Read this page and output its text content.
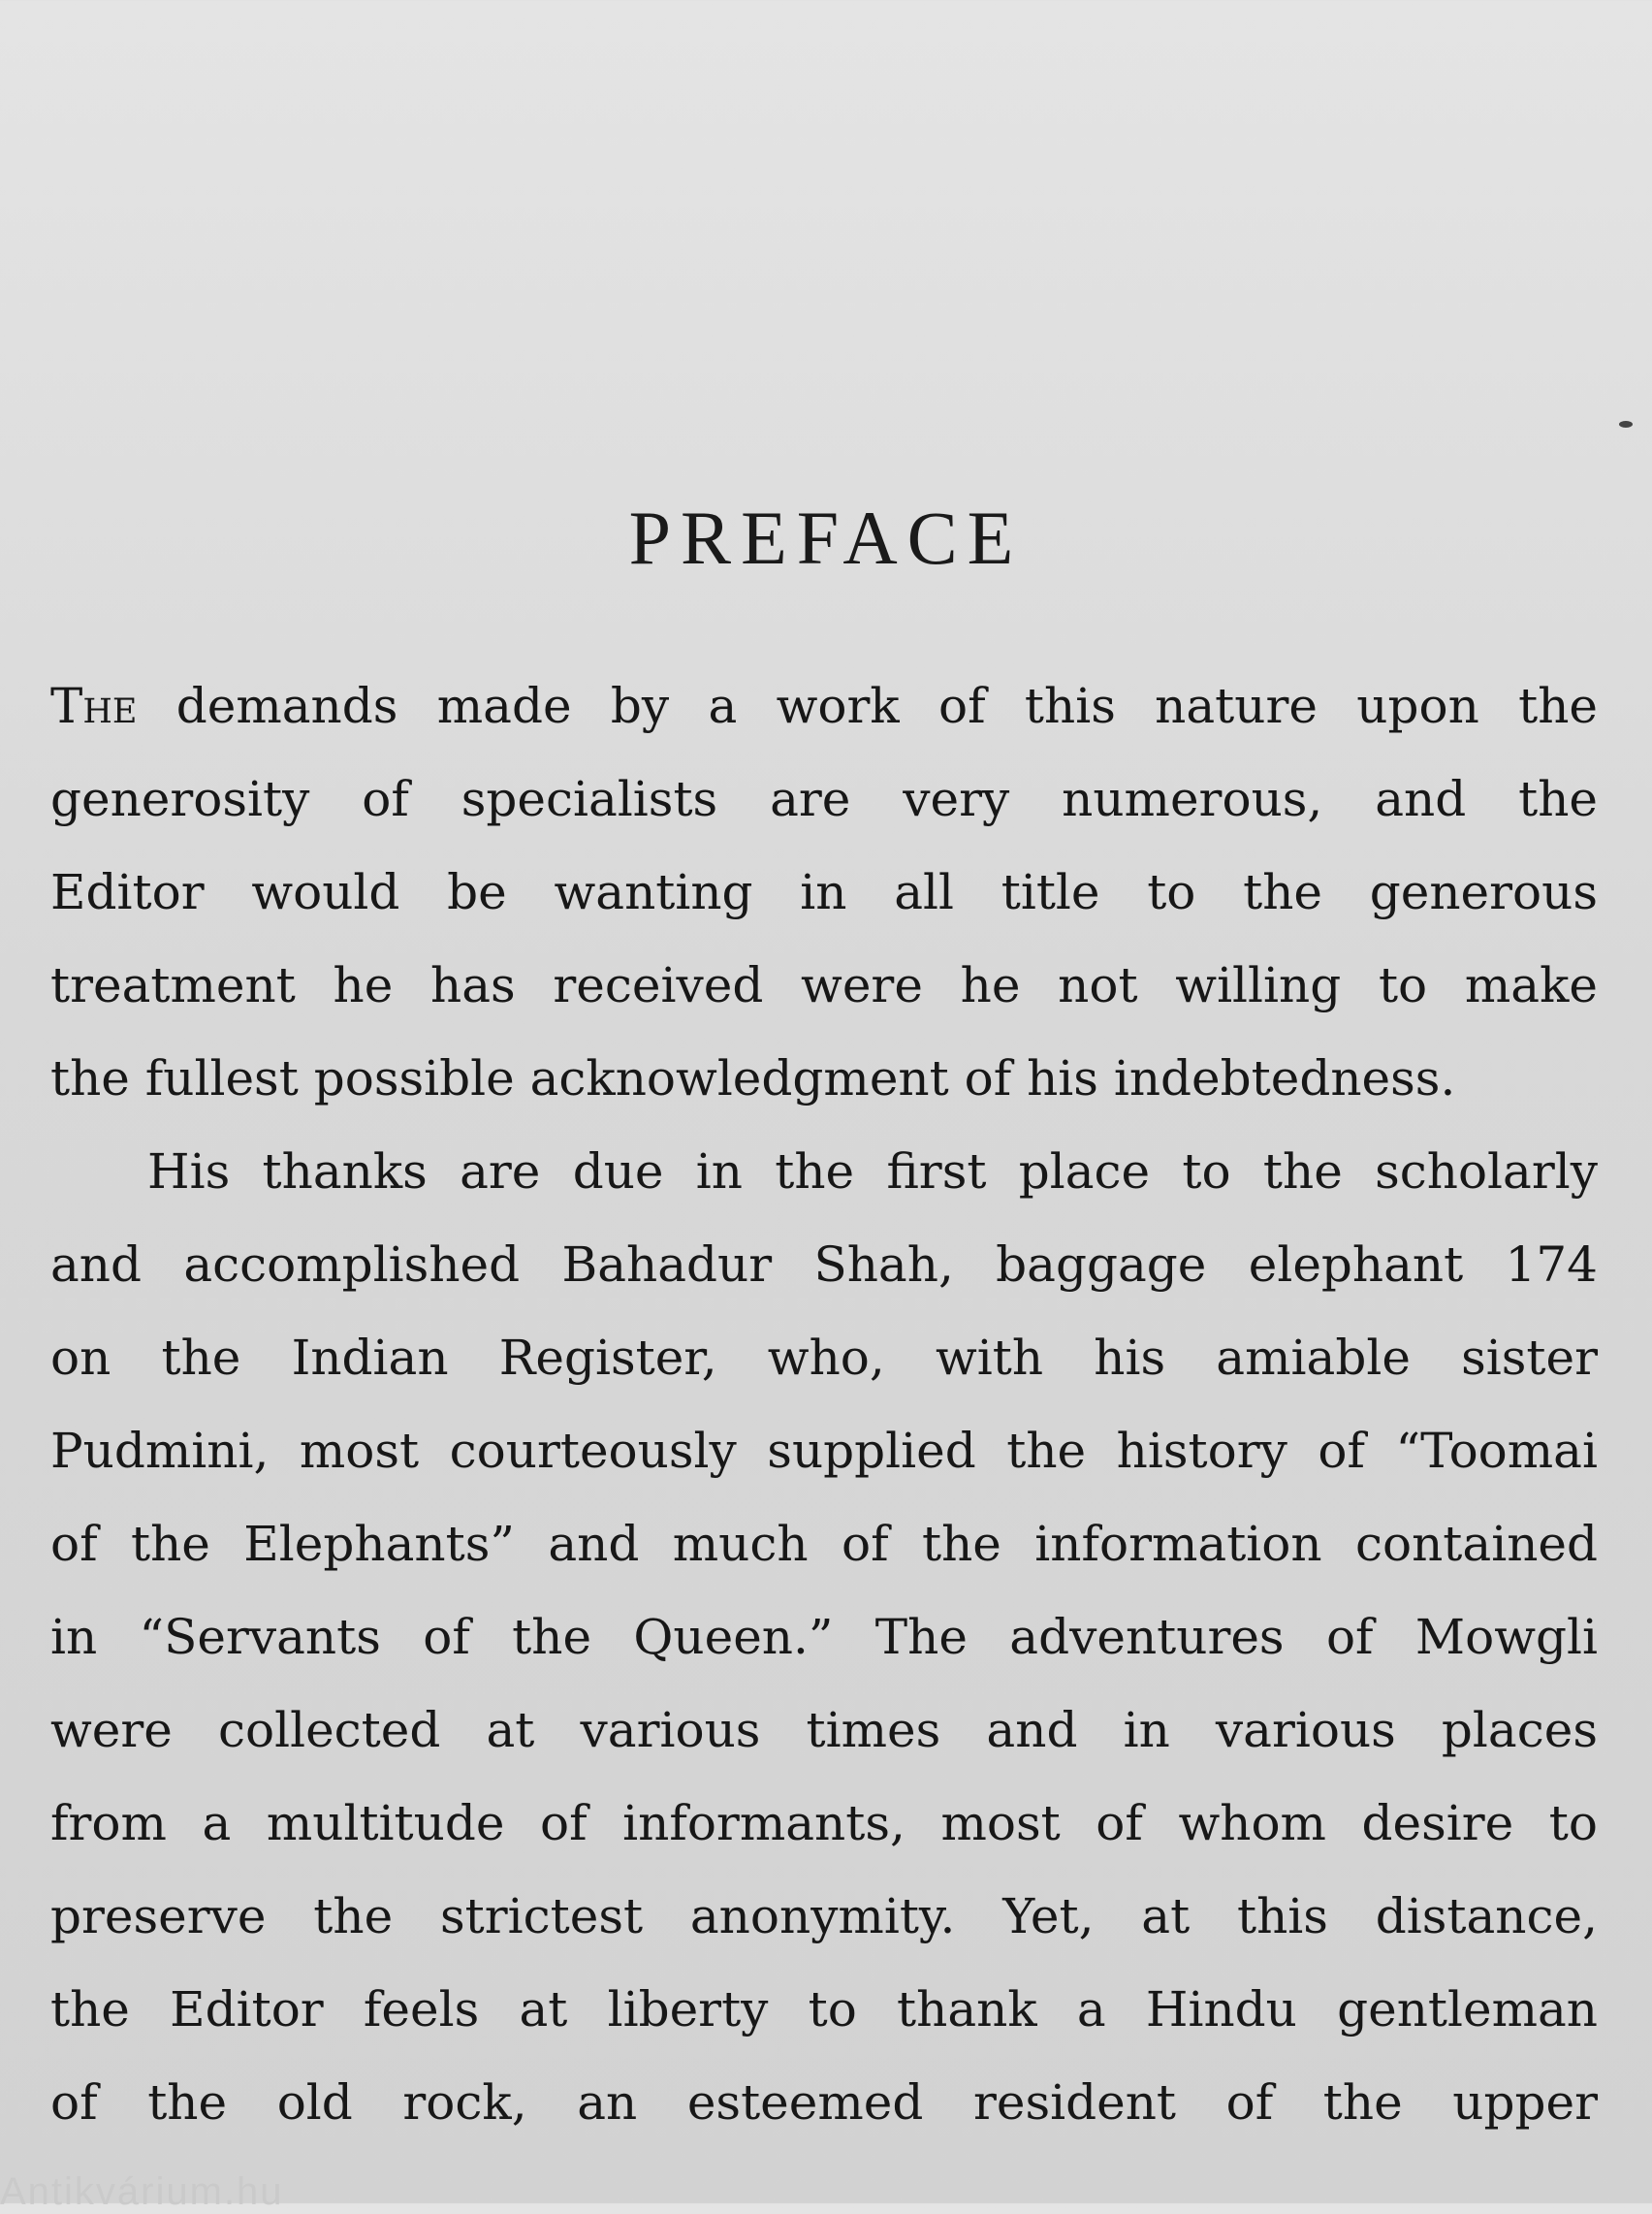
PREFACE
The demands made by a work of this nature upon the
generosity of specialists are very numerous, and the
Editor would be wanting in all title to the generous
treatment he has received were he not willing to make
the fullest possible acknowledgment of his indebtedness.
His thanks are due in the first place to the scholarly
and accomplished Bahadur Shah, baggage elephant 174
on the Indian Register, who, with his amiable sister
Pudmini, most courteously supplied the history of “Toomai
of the Elephants” and much of the information contained
in “Servants of the Queen.” The adventures of Mowgli
were collected at various times and in various places
from a multitude of informants, most of whom desire to
preserve the strictest anonymity. Yet, at this distance,
the Editor feels at liberty to thank a Hindu gentleman
of the old rock, an esteemed resident of the upper
Antikvárium.hu
